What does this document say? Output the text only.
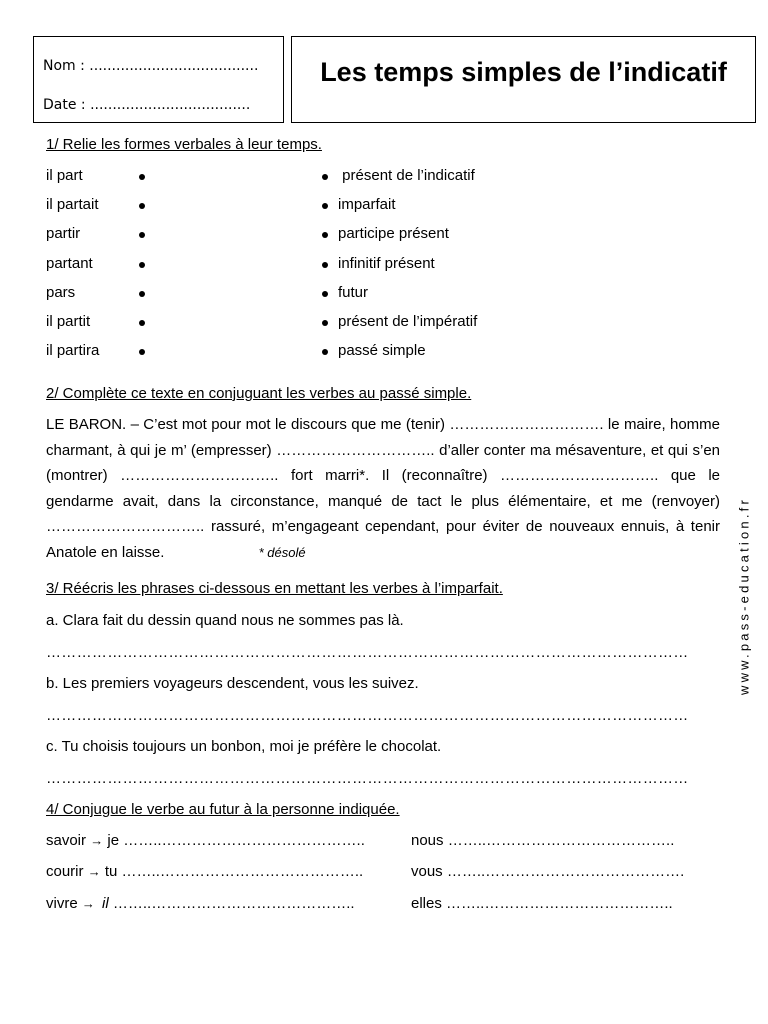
Nom : ......................................
Date : ....................................
Les temps simples de l’indicatif
1/ Relie les formes verbales à leur temps.
il part	présent de l’indicatif
il partait	imparfait
partir	participe présent
partant	infinitif présent
pars	futur
il partit	présent de l’impératif
il partira	passé simple
2/ Complète ce texte en conjuguant les verbes au passé simple.
LE BARON. – C’est mot pour mot le discours que me (tenir) …………………………. le maire, homme charmant, à qui je m’ (empresser) ………………………….. d’aller conter ma mésaventure, et qui s’en (montrer) ………………………….. fort marri*. Il (reconnaître) ………………………….. que le gendarme avait, dans la circonstance, manqué de tact le plus élémentaire, et me (renvoyer) ………………………….. rassuré, m’engageant cependant, pour éviter de nouveaux ennuis, à tenir Anatole en laisse.	* désolé
3/ Réécris les phrases ci-dessous en mettant les verbes à l’imparfait.
a. Clara fait du dessin quand nous ne sommes pas là.
………………………………………………………………………………………………………………
b. Les premiers voyageurs descendent, vous les suivez.
………………………………………………………………………………………………………………
c. Tu choisis toujours un bonbon, moi je préfère le chocolat.
………………………………………………………………………………………………………………
4/ Conjugue le verbe au futur à la personne indiquée.
savoir → je ……..…………………………………..	nous ……..………………………………..
courir → tu ……..…………………………………..	vous ……..………………………………….
vivre → il ……..…………………………………..	elles ……..………………………………..
www.pass-education.fr
